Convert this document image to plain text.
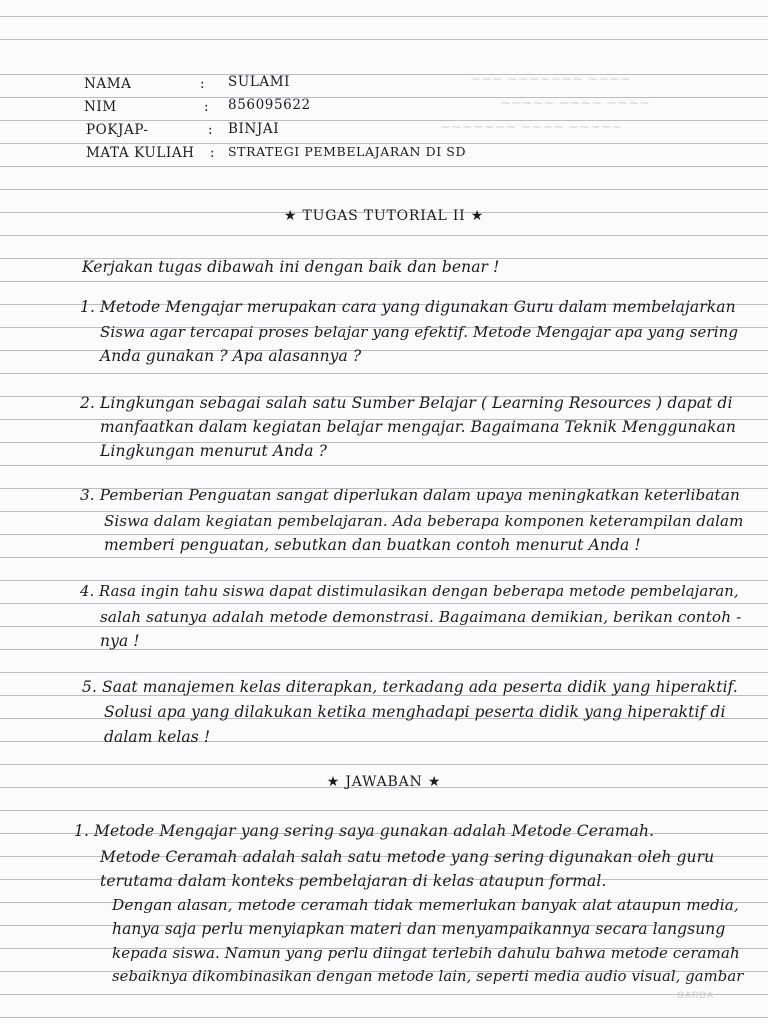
~~~ ~~~~~~~ ~~~~
~~~~~ ~~~~ ~~~~
~~~~~~~ ~~~~ ~~~~~
NAMA	: SULAMI
NIM	: 856095622
POKJAP-	: BINJAI
MATA KULIAH : STRATEGI PEMBELAJARAN DI SD
★ TUGAS TUTORIAL II ★
Kerjakan tugas dibawah ini dengan baik dan benar !
1. Metode Mengajar merupakan cara yang digunakan Guru dalam membelajarkan
Siswa agar tercapai proses belajar yang efektif. Metode Mengajar apa yang sering
Anda gunakan ? Apa alasannya ?
2. Lingkungan sebagai salah satu Sumber Belajar ( Learning Resources ) dapat di
manfaatkan dalam kegiatan belajar mengajar. Bagaimana Teknik Menggunakan
Lingkungan menurut Anda ?
3. Pemberian Penguatan sangat diperlukan dalam upaya meningkatkan keterlibatan
Siswa dalam kegiatan pembelajaran. Ada beberapa komponen keterampilan dalam
memberi penguatan, sebutkan dan buatkan contoh menurut Anda !
4. Rasa ingin tahu siswa dapat distimulasikan dengan beberapa metode pembelajaran,
salah satunya adalah metode demonstrasi. Bagaimana demikian, berikan contoh -
nya !
5. Saat manajemen kelas diterapkan, terkadang ada peserta didik yang hiperaktif.
Solusi apa yang dilakukan ketika menghadapi peserta didik yang hiperaktif di
dalam kelas !
★ JAWABAN ★
1. Metode Mengajar yang sering saya gunakan adalah Metode Ceramah.
Metode Ceramah adalah salah satu metode yang sering digunakan oleh guru
terutama dalam konteks pembelajaran di kelas ataupun formal.
Dengan alasan, metode ceramah tidak memerlukan banyak alat ataupun media,
hanya saja perlu menyiapkan materi dan menyampaikannya secara langsung
kepada siswa. Namun yang perlu diingat terlebih dahulu bahwa metode ceramah
sebaiknya dikombinasikan dengan metode lain, seperti media audio visual, gambar
GARDA
